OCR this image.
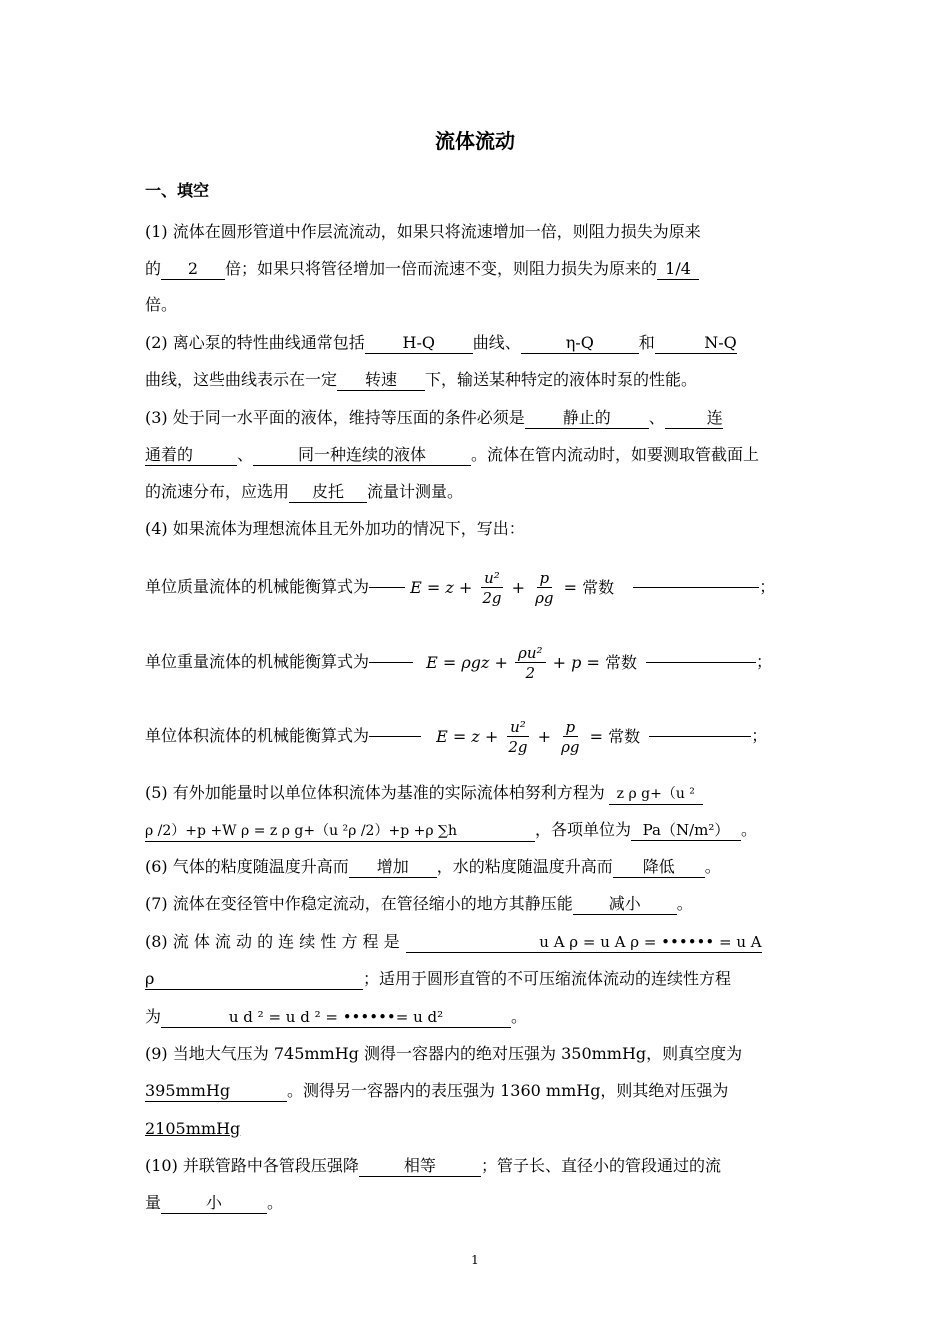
流体流动
一、填空
(1) 流体在圆形管道中作层流流动，如果只将流速增加一倍，则阻力损失为原来
的 2 倍；如果只将管径增加一倍而流速不变，则阻力损失为原来的 1/4
倍。
(2) 离心泵的特性曲线通常包括 H-Q 曲线、	η-Q	和	N-Q
曲线，这些曲线表示在一定 转速 下，输送某种特定的液体时泵的性能。
(3) 处于同一水平面的液体，维持等压面的条件必须是 静止的 、	连
通着的	、	同一种连续的液体	。流体在管内流动时，如要测取管截面上
的流速分布，应选用 皮托 流量计测量。
(4) 如果流体为理想流体且无外加功的情况下，写出：
单位质量流体的机械能衡算式为	$E = z + \frac{\text{u²}}{2g} + \frac{p}{\rho g}$ = 常数	；
单位重量流体的机械能衡算式为	$E = \rho gz + \frac{\text{ρu²}}{2} + p$ = 常数	；
单位体积流体的机械能衡算式为	$E = z + \frac{\text{u²}}{2g} + \frac{p}{\rho g}$ = 常数	；
(5) 有外加能量时以单位体积流体为基准的实际流体柏努利方程为 z ρ g+（u ²
ρ /2）+p +W ρ = z ρ g+（u ²ρ /2）+p +ρ ∑h	，各项单位为 Pa（N/m²） 。
(6) 气体的粘度随温度升高而 增加 ，水的粘度随温度升高而 降低 。
(7) 流体在变径管中作稳定流动，在管径缩小的地方其静压能 减小 。
(8) 流 体 流 动 的 连 续 性 方 程 是	u A ρ = u A ρ = •••••• = u A
ρ	；适用于圆形直管的不可压缩流体流动的连续性方程
为	u d ² = u d ² = ••••••= u d²	。
(9) 当地大气压为 745mmHg 测得一容器内的绝对压强为 350mmHg，则真空度为
395mmHg	。测得另一容器内的表压强为 1360 mmHg，则其绝对压强为
2105mmHg
(10) 并联管路中各管段压强降	相等	；管子长、直径小的管段通过的流
量	小	。
1
